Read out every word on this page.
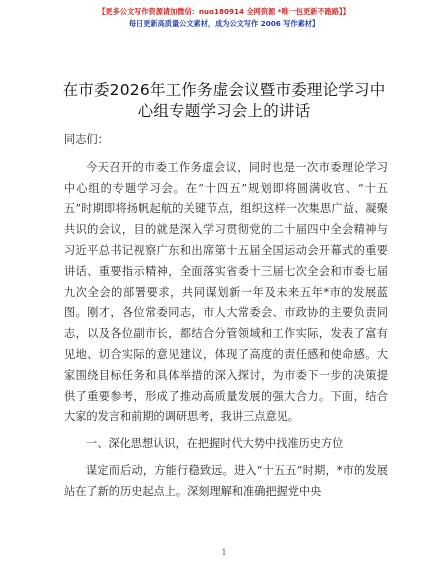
【更多公文写作资源请加微信：nuo180914 全网资源 *唯一包更新不跑路】】
每日更新高质量公文素材，成为公文写作 2006 写作素材】
在市委2026年工作务虚会议暨市委理论学习中
心组专题学习会上的讲话

同志们：

今天召开的市委工作务虚会议，同时也是一次市委理论学习中心组的专题学习会。在“十四五”规划即将圆满收官、“十五五”时期即将扬帆起航的关键节点，组织这样一次集思广益、凝聚共识的会议，目的就是深入学习贯彻党的二十届四中全会精神与习近平总书记视察广东和出席第十五届全国运动会开幕式的重要讲话、重要指示精神，全面落实省委十三届七次全会和市委七届九次全会的部署要求，共同谋划新一年及未来五年*市的发展蓝图。刚才，各位常委同志，市人大常委会、市政协的主要负责同志，以及各位副市长，都结合分管领域和工作实际，发表了富有见地、切合实际的意见建议，体现了高度的责任感和使命感。大家围绕目标任务和具体举措的深入探讨，为市委下一步的决策提供了重要参考，形成了推动高质量发展的强大合力。下面，结合大家的发言和前期的调研思考，我讲三点意见。

一、深化思想认识，在把握时代大势中找准历史方位

谋定而后动，方能行稳致远。进入“十五五”时期，*市的发展站在了新的历史起点上。深刻理解和准确把握党中央

1
